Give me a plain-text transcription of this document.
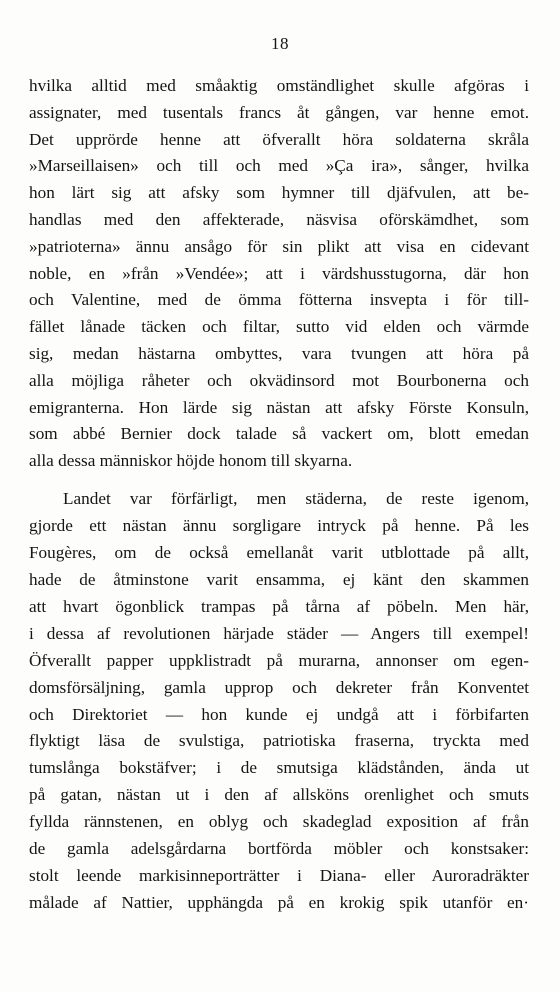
18
hvilka alltid med småaktig omständlighet skulle afgöras i
assignater, med tusentals francs åt gången, var henne emot.
Det upprörde henne att öfverallt höra soldaterna skråla
»Marseillaisen» och till och med »Ça ira», sånger, hvilka
hon lärt sig att afsky som hymner till djäfvulen, att be-
handlas med den affekterade, näsvisa oförskämdhet, som
»patrioterna» ännu ansågo för sin plikt att visa en cidevant
noble, en »från »Vendée»; att i värdshusstugorna, där hon
och Valentine, med de ömma fötterna insvepta i för till-
fället lånade täcken och filtar, sutto vid elden och värmde
sig, medan hästarna ombyttes, vara tvungen att höra på
alla möjliga råheter och okvädinsord mot Bourbonerna och
emigranterna. Hon lärde sig nästan att afsky Förste Konsuln,
som abbé Bernier dock talade så vackert om, blott emedan
alla dessa människor höjde honom till skyarna.
Landet var förfärligt, men städerna, de reste igenom,
gjorde ett nästan ännu sorgligare intryck på henne. På les
Fougères, om de också emellanåt varit utblottade på allt,
hade de åtminstone varit ensamma, ej känt den skammen
att hvart ögonblick trampas på tårna af pöbeln. Men här,
i dessa af revolutionen härjade städer — Angers till exempel!
Öfverallt papper uppklistradt på murarna, annonser om egen-
domsförsäljning, gamla upprop och dekreter från Konventet
och Direktoriet — hon kunde ej undgå att i förbifarten
flyktigt läsa de svulstiga, patriotiska fraserna, tryckta med
tumslånga bokstäfver; i de smutsiga klädstånden, ända ut
på gatan, nästan ut i den af allsköns orenlighet och smuts
fyllda rännstenen, en oblyg och skadeglad exposition af från
de gamla adelsgårdarna bortförda möbler och konstsaker:
stolt leende markisinneporträtter i Diana- eller Auroradräkter
målade af Nattier, upphängda på en krokig spik utanför en·
